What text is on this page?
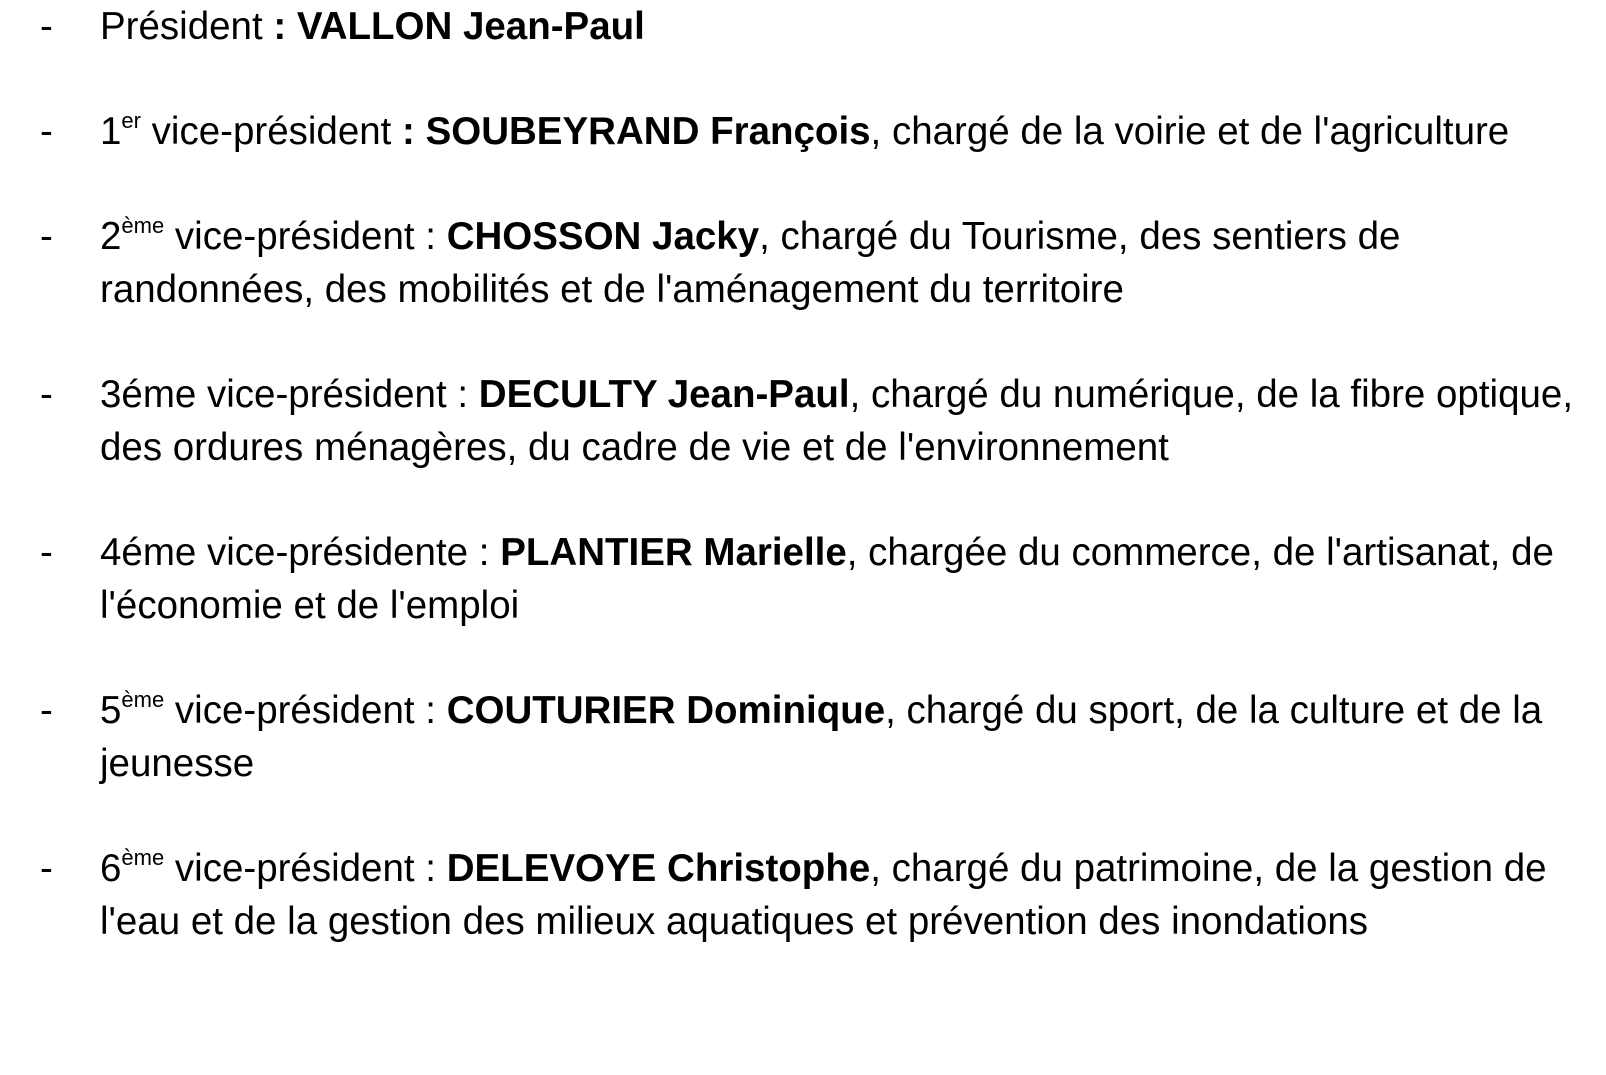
- Président : VALLON Jean-Paul
- 1er vice-président : SOUBEYRAND François, chargé de la voirie et de l'agriculture
- 2ème vice-président : CHOSSON Jacky, chargé du Tourisme, des sentiers de randonnées, des mobilités et de l'aménagement du territoire
- 3éme vice-président : DECULTY Jean-Paul, chargé du numérique, de la fibre optique, des ordures ménagères, du cadre de vie et de l'environnement
- 4éme vice-présidente : PLANTIER Marielle, chargée du commerce, de l'artisanat, de l'économie et de l'emploi
- 5ème vice-président : COUTURIER Dominique, chargé du sport, de la culture et de la jeunesse
- 6ème vice-président : DELEVOYE Christophe, chargé du patrimoine, de la gestion de l'eau et de la gestion des milieux aquatiques et prévention des inondations
